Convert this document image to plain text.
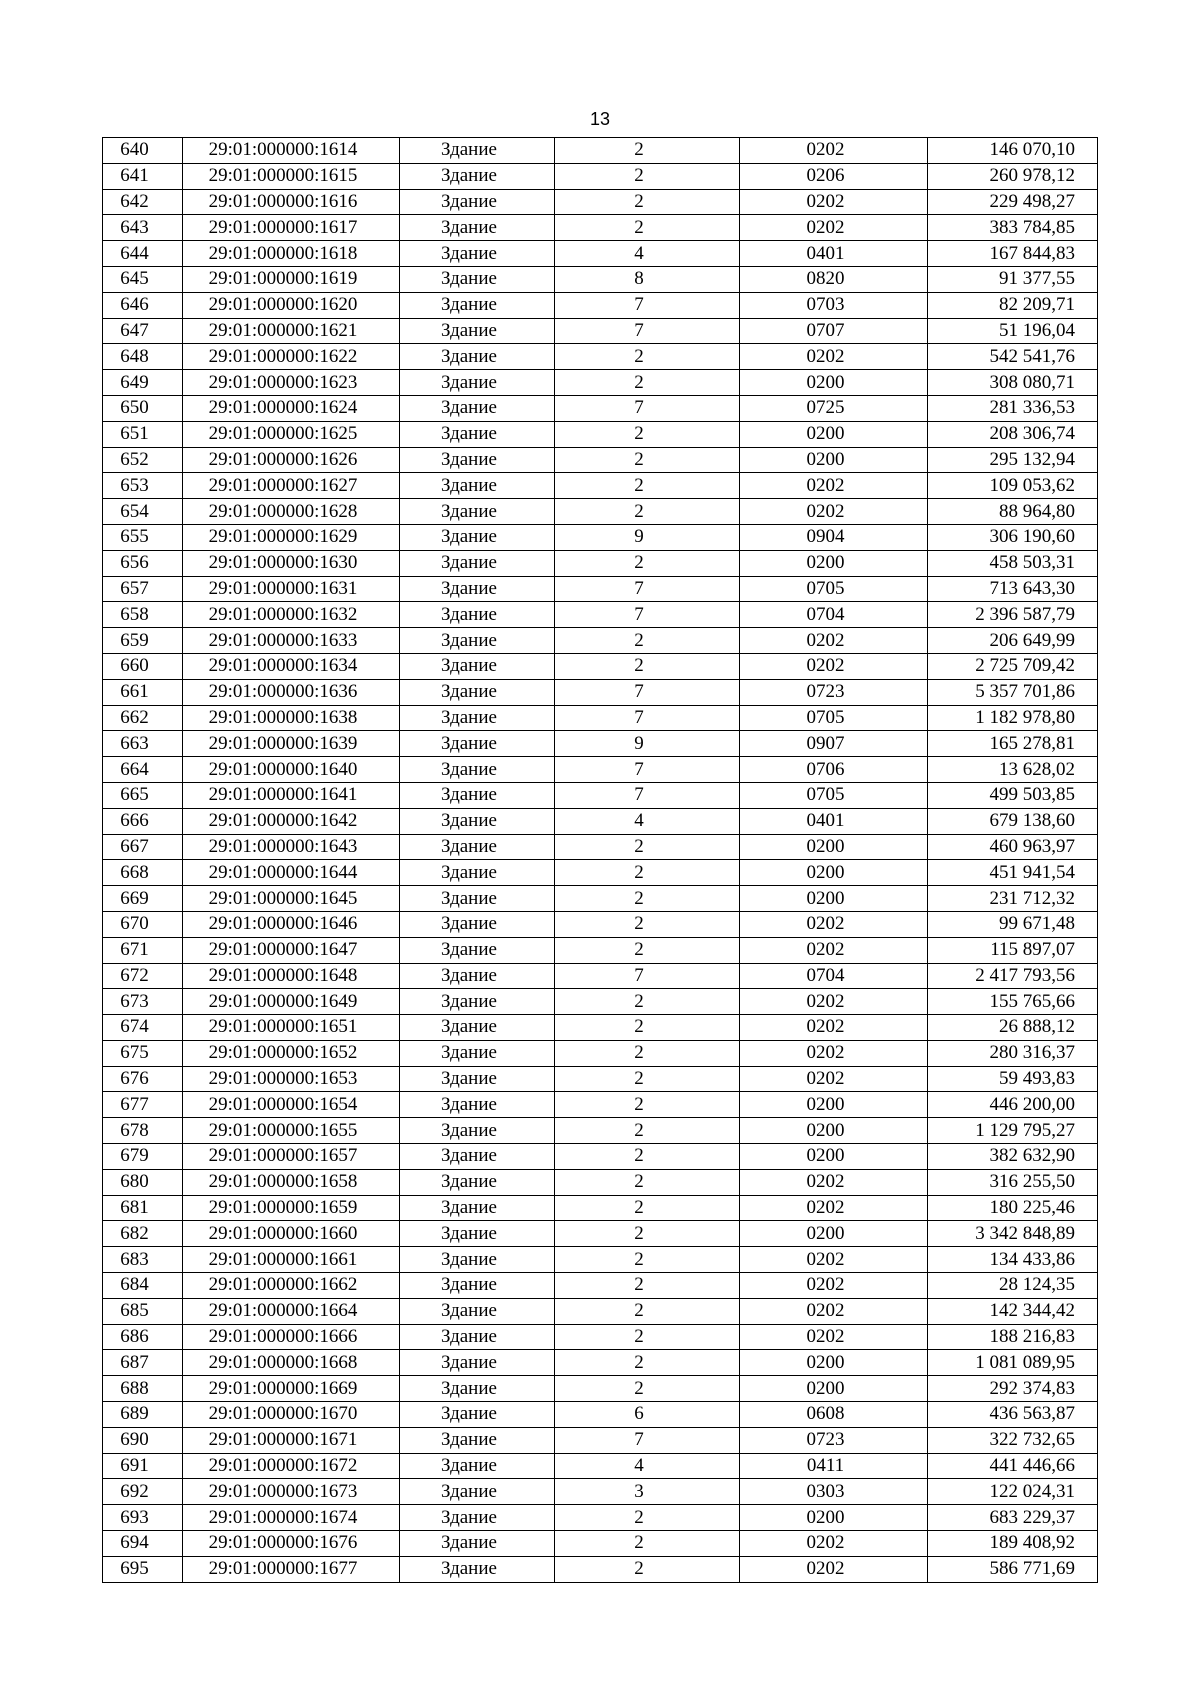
13
640	29:01:000000:1614	Здание	2	0202	146 070,10
641	29:01:000000:1615	Здание	2	0206	260 978,12
642	29:01:000000:1616	Здание	2	0202	229 498,27
643	29:01:000000:1617	Здание	2	0202	383 784,85
644	29:01:000000:1618	Здание	4	0401	167 844,83
645	29:01:000000:1619	Здание	8	0820	91 377,55
646	29:01:000000:1620	Здание	7	0703	82 209,71
647	29:01:000000:1621	Здание	7	0707	51 196,04
648	29:01:000000:1622	Здание	2	0202	542 541,76
649	29:01:000000:1623	Здание	2	0200	308 080,71
650	29:01:000000:1624	Здание	7	0725	281 336,53
651	29:01:000000:1625	Здание	2	0200	208 306,74
652	29:01:000000:1626	Здание	2	0200	295 132,94
653	29:01:000000:1627	Здание	2	0202	109 053,62
654	29:01:000000:1628	Здание	2	0202	88 964,80
655	29:01:000000:1629	Здание	9	0904	306 190,60
656	29:01:000000:1630	Здание	2	0200	458 503,31
657	29:01:000000:1631	Здание	7	0705	713 643,30
658	29:01:000000:1632	Здание	7	0704	2 396 587,79
659	29:01:000000:1633	Здание	2	0202	206 649,99
660	29:01:000000:1634	Здание	2	0202	2 725 709,42
661	29:01:000000:1636	Здание	7	0723	5 357 701,86
662	29:01:000000:1638	Здание	7	0705	1 182 978,80
663	29:01:000000:1639	Здание	9	0907	165 278,81
664	29:01:000000:1640	Здание	7	0706	13 628,02
665	29:01:000000:1641	Здание	7	0705	499 503,85
666	29:01:000000:1642	Здание	4	0401	679 138,60
667	29:01:000000:1643	Здание	2	0200	460 963,97
668	29:01:000000:1644	Здание	2	0200	451 941,54
669	29:01:000000:1645	Здание	2	0200	231 712,32
670	29:01:000000:1646	Здание	2	0202	99 671,48
671	29:01:000000:1647	Здание	2	0202	115 897,07
672	29:01:000000:1648	Здание	7	0704	2 417 793,56
673	29:01:000000:1649	Здание	2	0202	155 765,66
674	29:01:000000:1651	Здание	2	0202	26 888,12
675	29:01:000000:1652	Здание	2	0202	280 316,37
676	29:01:000000:1653	Здание	2	0202	59 493,83
677	29:01:000000:1654	Здание	2	0200	446 200,00
678	29:01:000000:1655	Здание	2	0200	1 129 795,27
679	29:01:000000:1657	Здание	2	0200	382 632,90
680	29:01:000000:1658	Здание	2	0202	316 255,50
681	29:01:000000:1659	Здание	2	0202	180 225,46
682	29:01:000000:1660	Здание	2	0200	3 342 848,89
683	29:01:000000:1661	Здание	2	0202	134 433,86
684	29:01:000000:1662	Здание	2	0202	28 124,35
685	29:01:000000:1664	Здание	2	0202	142 344,42
686	29:01:000000:1666	Здание	2	0202	188 216,83
687	29:01:000000:1668	Здание	2	0200	1 081 089,95
688	29:01:000000:1669	Здание	2	0200	292 374,83
689	29:01:000000:1670	Здание	6	0608	436 563,87
690	29:01:000000:1671	Здание	7	0723	322 732,65
691	29:01:000000:1672	Здание	4	0411	441 446,66
692	29:01:000000:1673	Здание	3	0303	122 024,31
693	29:01:000000:1674	Здание	2	0200	683 229,37
694	29:01:000000:1676	Здание	2	0202	189 408,92
695	29:01:000000:1677	Здание	2	0202	586 771,69
